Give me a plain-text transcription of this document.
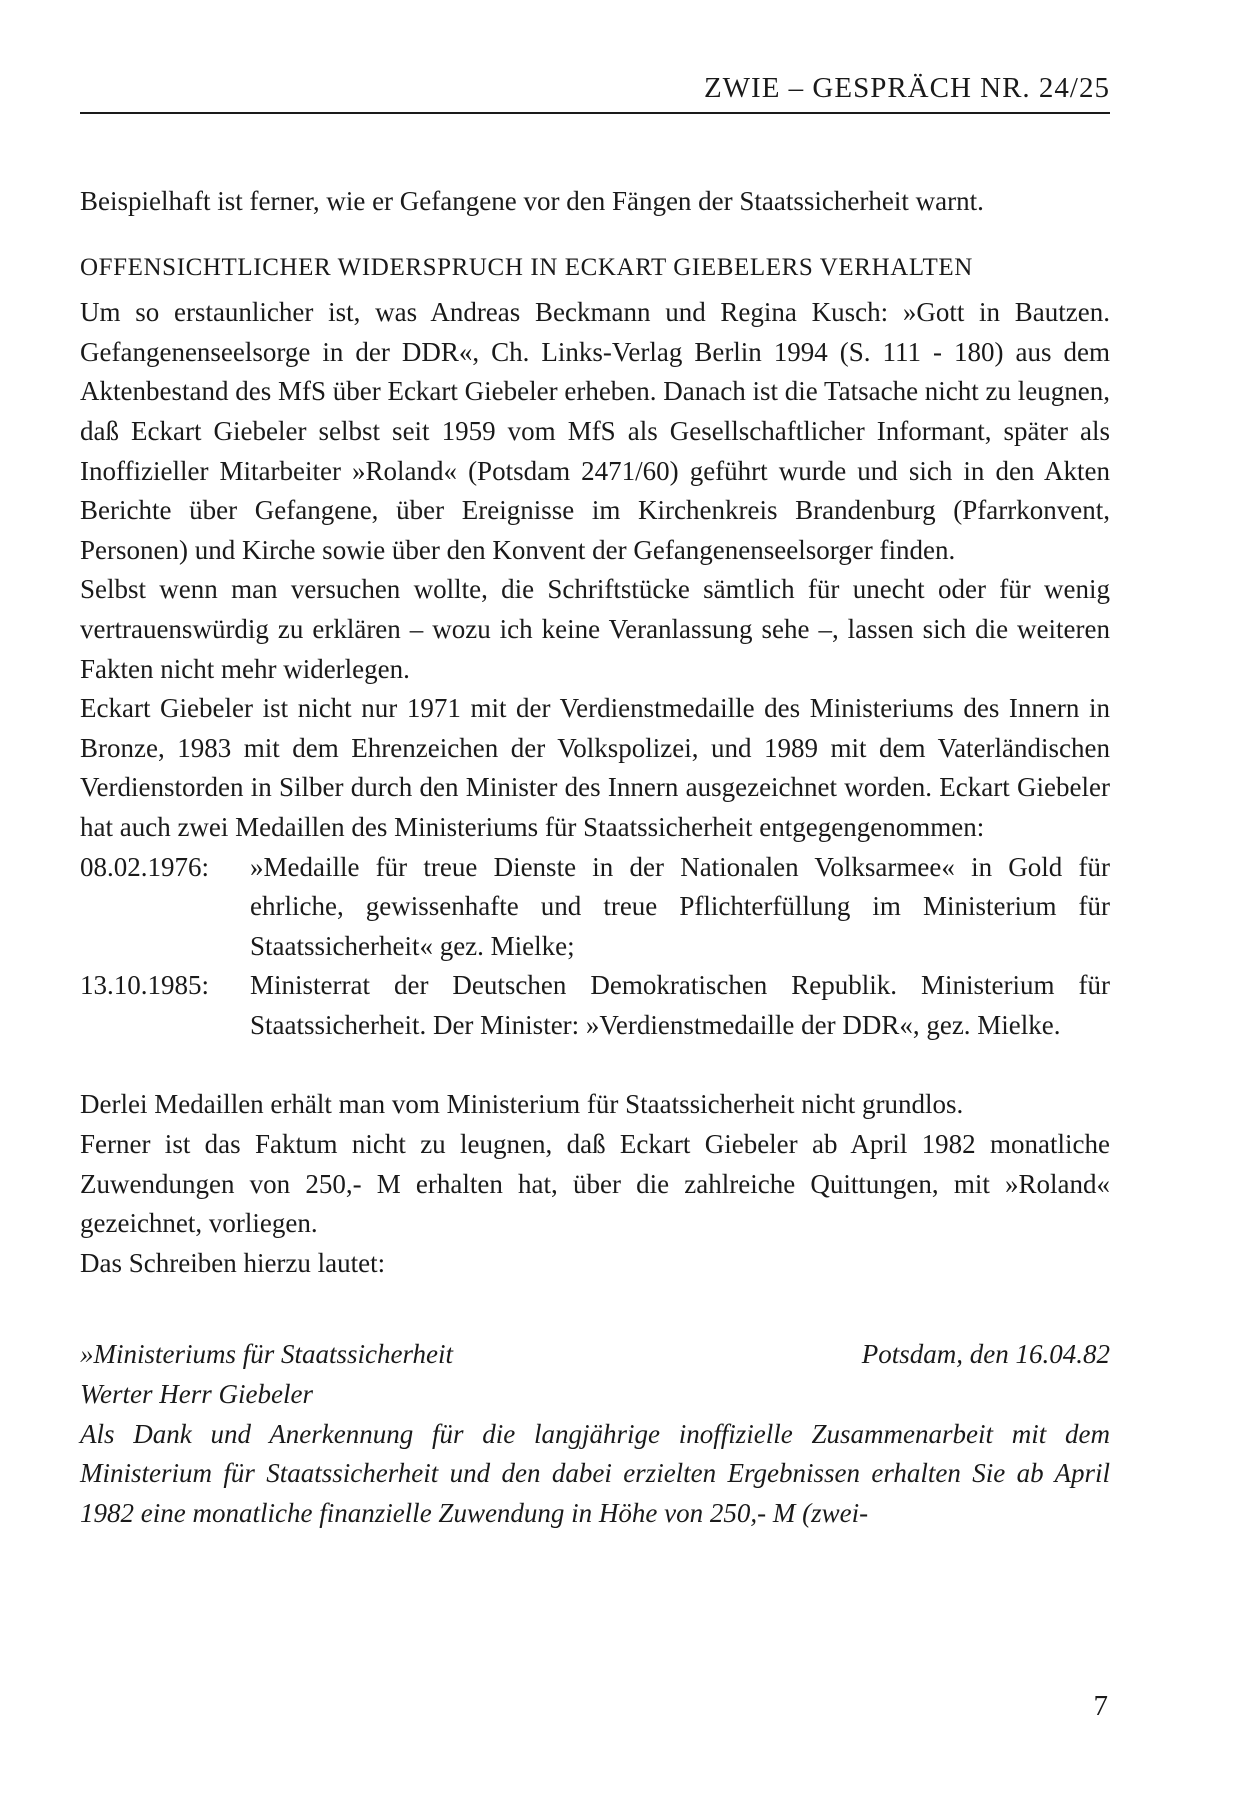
ZWIE – GESPRÄCH NR. 24/25

Beispielhaft ist ferner, wie er Gefangene vor den Fängen der Staatssicherheit warnt.

OFFENSICHTLICHER WIDERSPRUCH IN ECKART GIEBELERS VERHALTEN

Um so erstaunlicher ist, was Andreas Beckmann und Regina Kusch: »Gott in Bautzen. Gefangenenseelsorge in der DDR«, Ch. Links-Verlag Berlin 1994 (S. 111 - 180) aus dem Aktenbestand des MfS über Eckart Giebeler erheben. Danach ist die Tatsache nicht zu leugnen, daß Eckart Giebeler selbst seit 1959 vom MfS als Gesellschaftlicher Informant, später als Inoffizieller Mitarbeiter »Roland« (Potsdam 2471/60) geführt wurde und sich in den Akten Berichte über Gefangene, über Ereignisse im Kirchenkreis Brandenburg (Pfarrkonvent, Personen) und Kirche sowie über den Konvent der Gefangenenseelsorger finden.

Selbst wenn man versuchen wollte, die Schriftstücke sämtlich für unecht oder für wenig vertrauenswürdig zu erklären – wozu ich keine Veranlassung sehe –, lassen sich die weiteren Fakten nicht mehr widerlegen.

Eckart Giebeler ist nicht nur 1971 mit der Verdienstmedaille des Ministeriums des Innern in Bronze, 1983 mit dem Ehrenzeichen der Volkspolizei, und 1989 mit dem Vaterländischen Verdienstorden in Silber durch den Minister des Innern ausgezeichnet worden. Eckart Giebeler hat auch zwei Medaillen des Ministeriums für Staatssicherheit entgegengenommen:

08.02.1976:	»Medaille für treue Dienste in der Nationalen Volksarmee« in Gold für ehrliche, gewissenhafte und treue Pflichterfüllung im Ministerium für Staatssicherheit« gez. Mielke;
13.10.1985:	Ministerrat der Deutschen Demokratischen Republik. Ministerium für Staatssicherheit. Der Minister: »Verdienstmedaille der DDR«, gez. Mielke.

Derlei Medaillen erhält man vom Ministerium für Staatssicherheit nicht grundlos.

Ferner ist das Faktum nicht zu leugnen, daß Eckart Giebeler ab April 1982 monatliche Zuwendungen von 250,- M erhalten hat, über die zahlreiche Quittungen, mit »Roland« gezeichnet, vorliegen.

Das Schreiben hierzu lautet:

»Ministeriums für Staatssicherheit	Potsdam, den 16.04.82
Werter Herr Giebeler

Als Dank und Anerkennung für die langjährige inoffizielle Zusammenarbeit mit dem Ministerium für Staatssicherheit und den dabei erzielten Ergebnissen erhalten Sie ab April 1982 eine monatliche finanzielle Zuwendung in Höhe von 250,- M (zwei-

7
